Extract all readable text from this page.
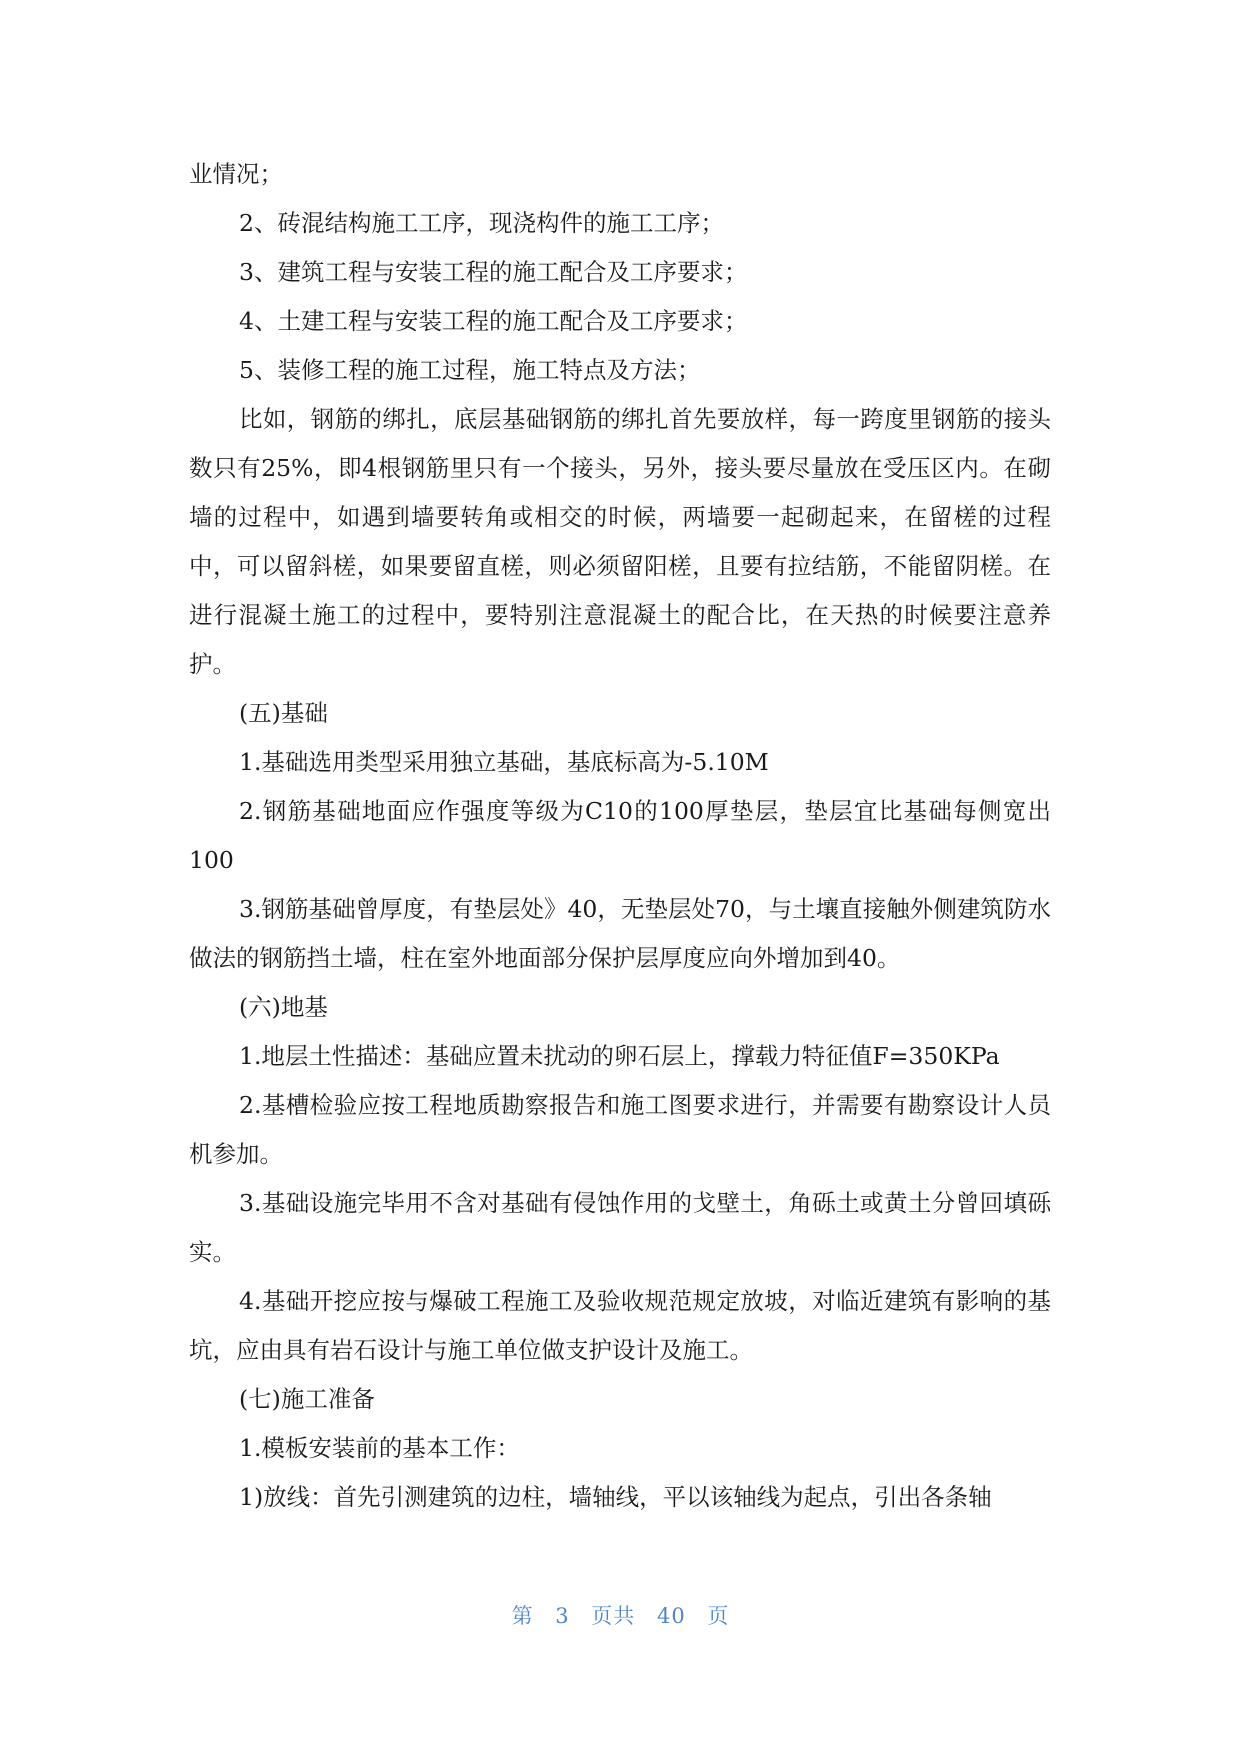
业情况；

2、砖混结构施工工序，现浇构件的施工工序；

3、建筑工程与安装工程的施工配合及工序要求；

4、土建工程与安装工程的施工配合及工序要求；

5、装修工程的施工过程，施工特点及方法；

比如，钢筋的绑扎，底层基础钢筋的绑扎首先要放样，每一跨度里钢筋的接头数只有25%，即4根钢筋里只有一个接头，另外，接头要尽量放在受压区内。在砌墙的过程中，如遇到墙要转角或相交的时候，两墙要一起砌起来，在留槎的过程中，可以留斜槎，如果要留直槎，则必须留阳槎，且要有拉结筋，不能留阴槎。在进行混凝土施工的过程中，要特别注意混凝土的配合比，在天热的时候要注意养护。

(五)基础

1.基础选用类型采用独立基础，基底标高为-5.10M

2.钢筋基础地面应作强度等级为C10的100厚垫层，垫层宜比基础每侧宽出100

3.钢筋基础曾厚度，有垫层处》40，无垫层处70，与土壤直接触外侧建筑防水做法的钢筋挡土墙，柱在室外地面部分保护层厚度应向外增加到40。

(六)地基

1.地层土性描述：基础应置未扰动的卵石层上，撑载力特征值F=350KPa

2.基槽检验应按工程地质勘察报告和施工图要求进行，并需要有勘察设计人员机参加。

3.基础设施完毕用不含对基础有侵蚀作用的戈壁土，角砾土或黄土分曾回填砾实。

4.基础开挖应按与爆破工程施工及验收规范规定放坡，对临近建筑有影响的基坑，应由具有岩石设计与施工单位做支护设计及施工。

(七)施工准备

1.模板安装前的基本工作：

1)放线：首先引测建筑的边柱，墙轴线，平以该轴线为起点，引出各条轴

第 3 页共 40 页
